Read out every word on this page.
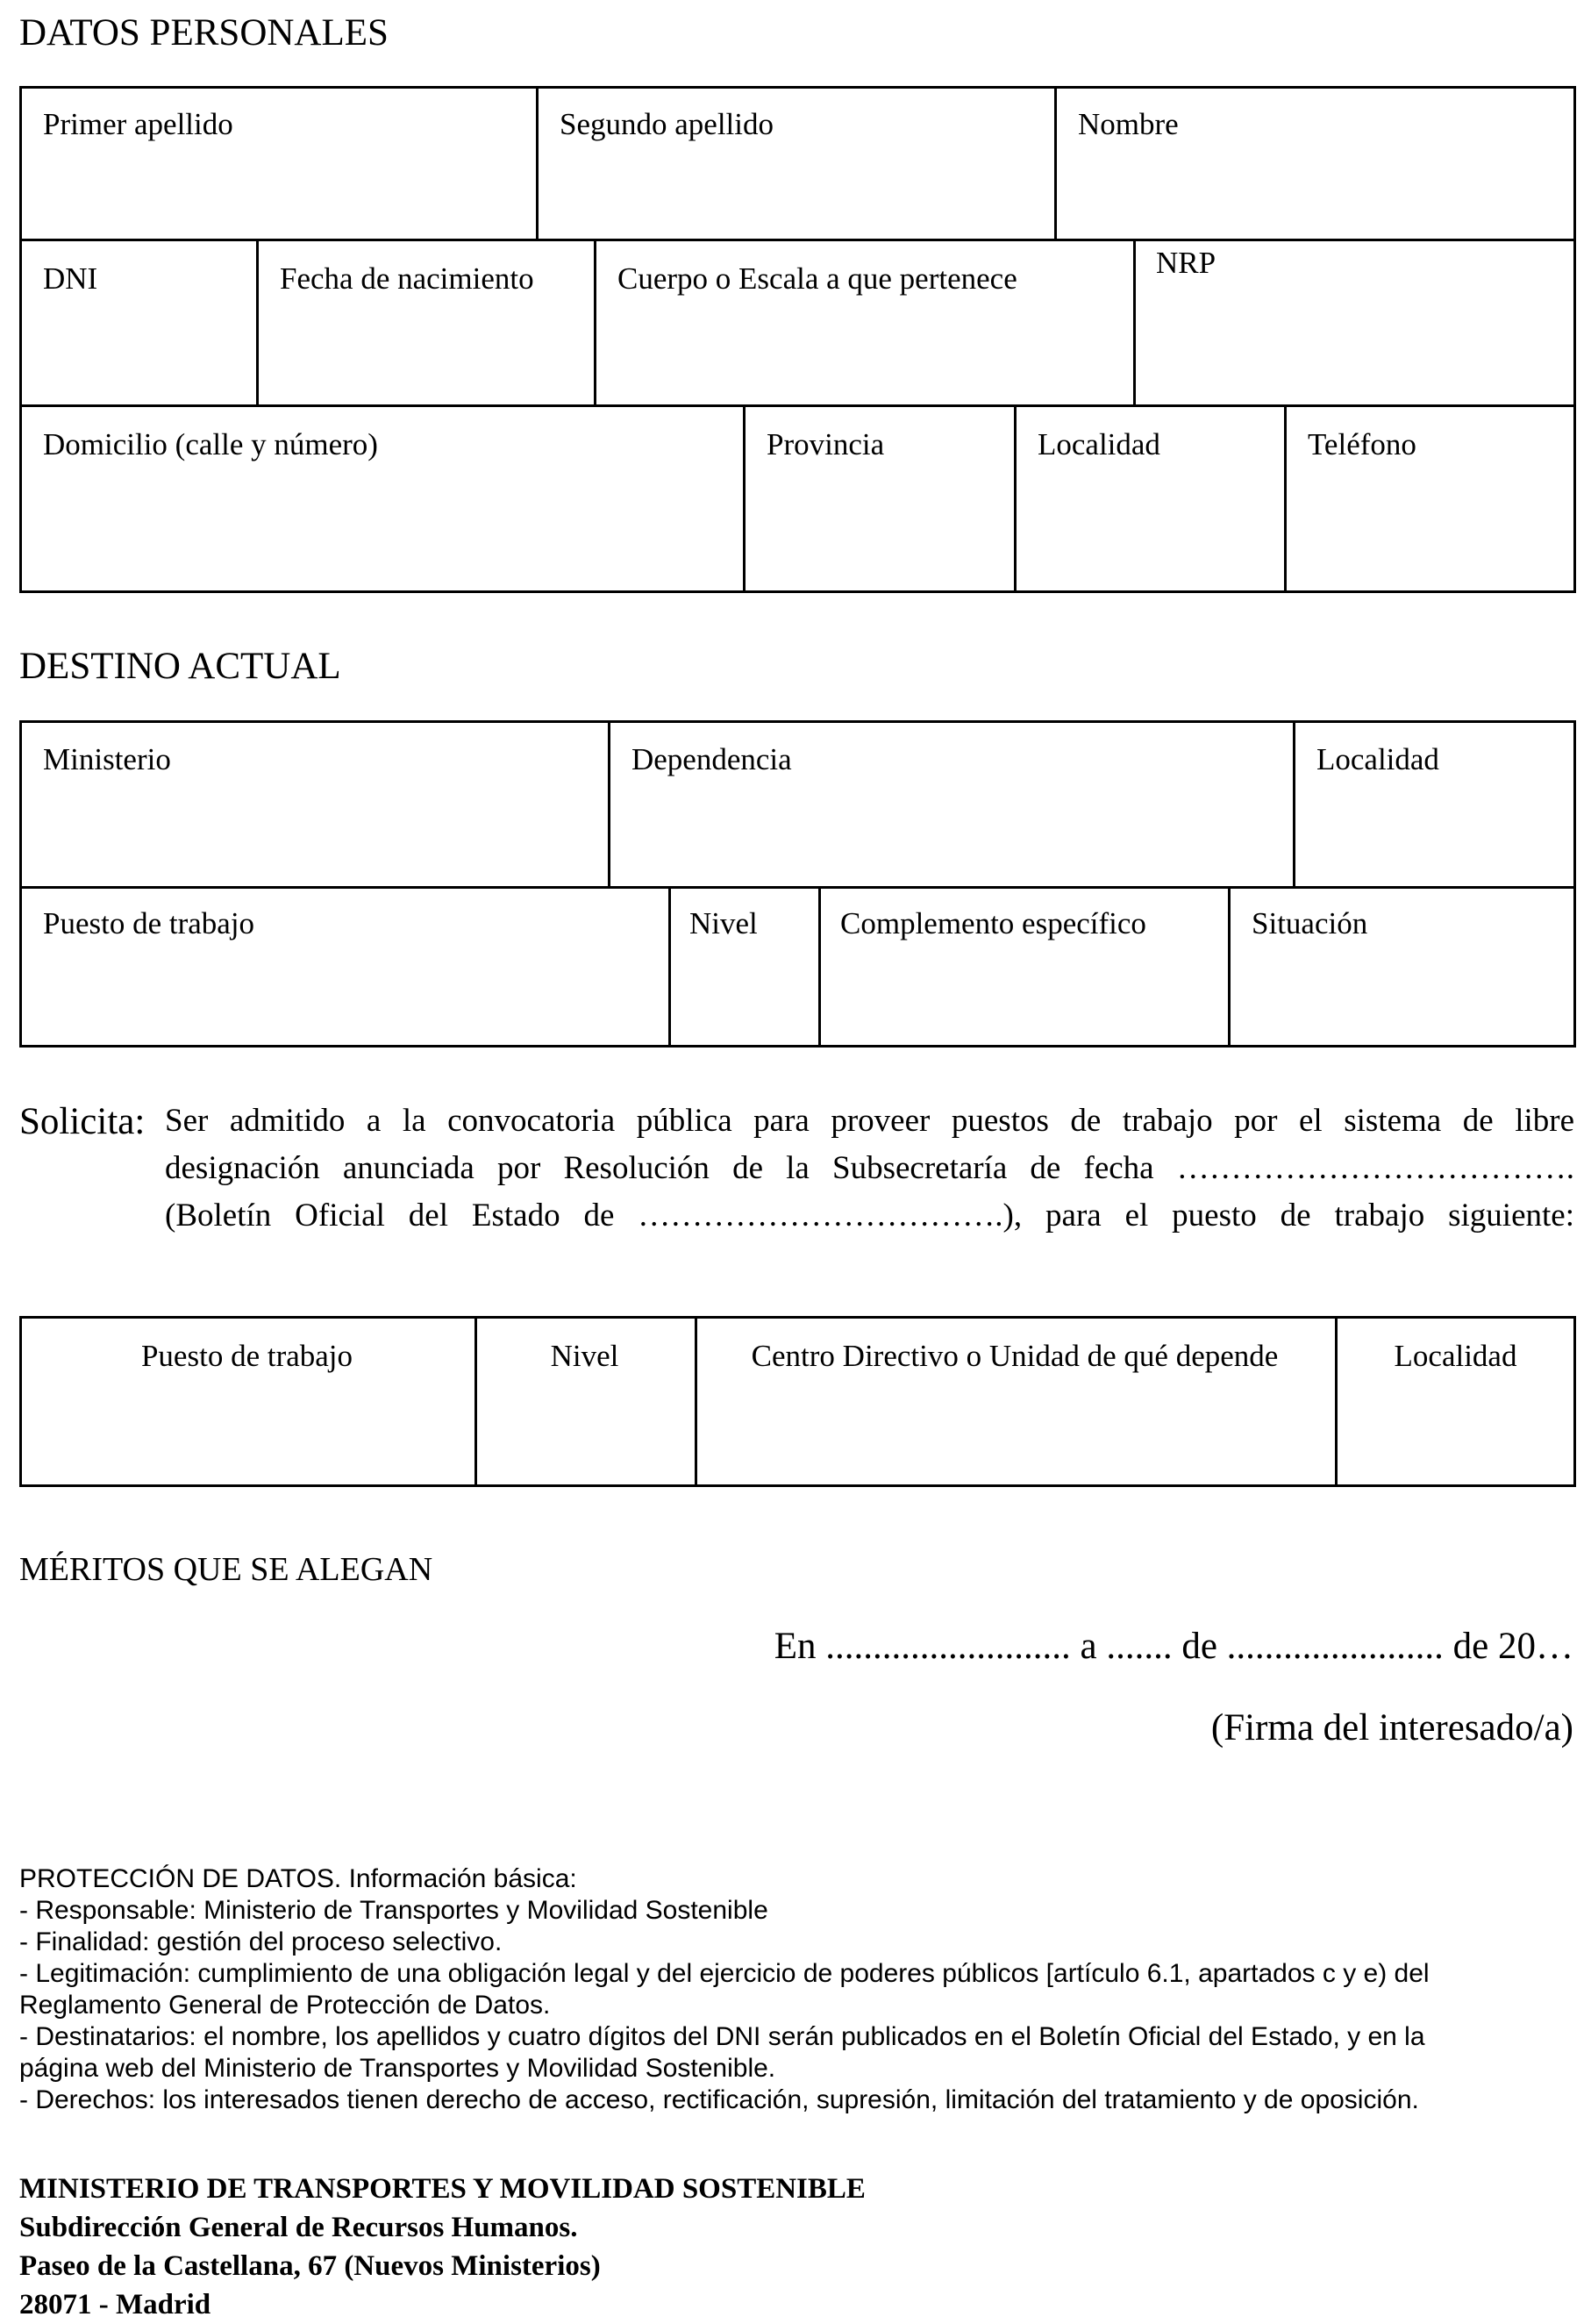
DATOS PERSONALES
Primer apellido	Segundo apellido	Nombre
DNI	Fecha de nacimiento	Cuerpo o Escala a que pertenece	NRP
Domicilio (calle y número)	Provincia	Localidad	Teléfono
DESTINO ACTUAL
Ministerio	Dependencia	Localidad
Puesto de trabajo	Nivel	Complemento específico	Situación
Solicita: Ser admitido a la convocatoria pública para proveer puestos de trabajo por el sistema de libre
designación anunciada por Resolución de la Subsecretaría de fecha ……………………………….
(Boletín Oficial del Estado de …………………………….), para el puesto de trabajo siguiente:
Puesto de trabajo	Nivel	Centro Directivo o Unidad de qué depende	Localidad
MÉRITOS QUE SE ALEGAN
En .......................... a ....... de ....................... de 20…
(Firma del interesado/a)
PROTECCIÓN DE DATOS. Información básica:
- Responsable: Ministerio de Transportes y Movilidad Sostenible
- Finalidad: gestión del proceso selectivo.
- Legitimación: cumplimiento de una obligación legal y del ejercicio de poderes públicos [artículo 6.1, apartados c y e) del
Reglamento General de Protección de Datos.
- Destinatarios: el nombre, los apellidos y cuatro dígitos del DNI serán publicados en el Boletín Oficial del Estado, y en la
página web del Ministerio de Transportes y Movilidad Sostenible.
- Derechos: los interesados tienen derecho de acceso, rectificación, supresión, limitación del tratamiento y de oposición.
MINISTERIO DE TRANSPORTES Y MOVILIDAD SOSTENIBLE
Subdirección General de Recursos Humanos.
Paseo de la Castellana, 67 (Nuevos Ministerios)
28071 - Madrid
